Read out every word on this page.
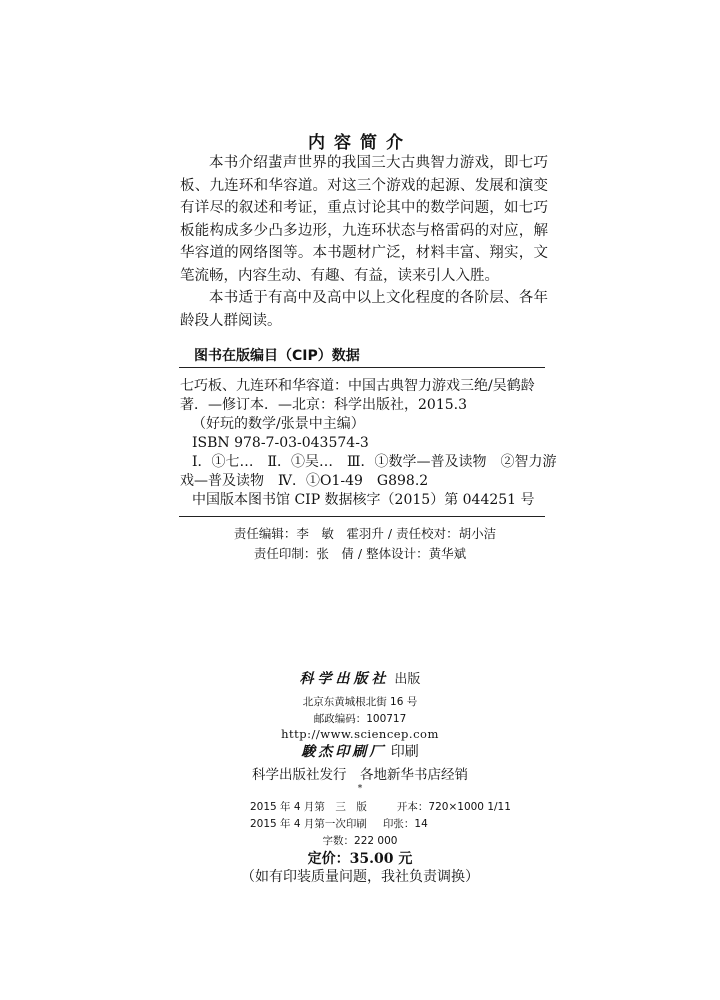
内容简介

本书介绍蜚声世界的我国三大古典智力游戏，即七巧板、九连环和华容道。对这三个游戏的起源、发展和演变有详尽的叙述和考证，重点讨论其中的数学问题，如七巧板能构成多少凸多边形，九连环状态与格雷码的对应，解华容道的网络图等。本书题材广泛，材料丰富、翔实，文笔流畅，内容生动、有趣、有益，读来引人入胜。

本书适于有高中及高中以上文化程度的各阶层、各年龄段人群阅读。

图书在版编目（CIP）数据
七巧板、九连环和华容道：中国古典智力游戏三绝/吴鹤龄
著．—修订本．—北京：科学出版社，2015.3
（好玩的数学/张景中主编）
ISBN 978-7-03-043574-3
Ⅰ．①七…　Ⅱ．①吴…　Ⅲ．①数学—普及读物　②智力游
戏—普及读物　Ⅳ．①O1-49　G898.2
中国版本图书馆 CIP 数据核字（2015）第 044251 号
责任编辑：李　敏　霍羽升 / 责任校对：胡小洁
责任印制：张　倩 / 整体设计：黄华斌
科学出版社 出版
北京东黄城根北街 16 号
邮政编码：100717
http://www.sciencep.com
駿杰印刷厂 印刷
科学出版社发行　各地新华书店经销
*
2015 年 4 月第　三　版	开本：720×1000 1/11
2015 年 4 月第一次印刷 印张：14
字数：222 000
定价：35.00 元
（如有印装质量问题，我社负责调换）
